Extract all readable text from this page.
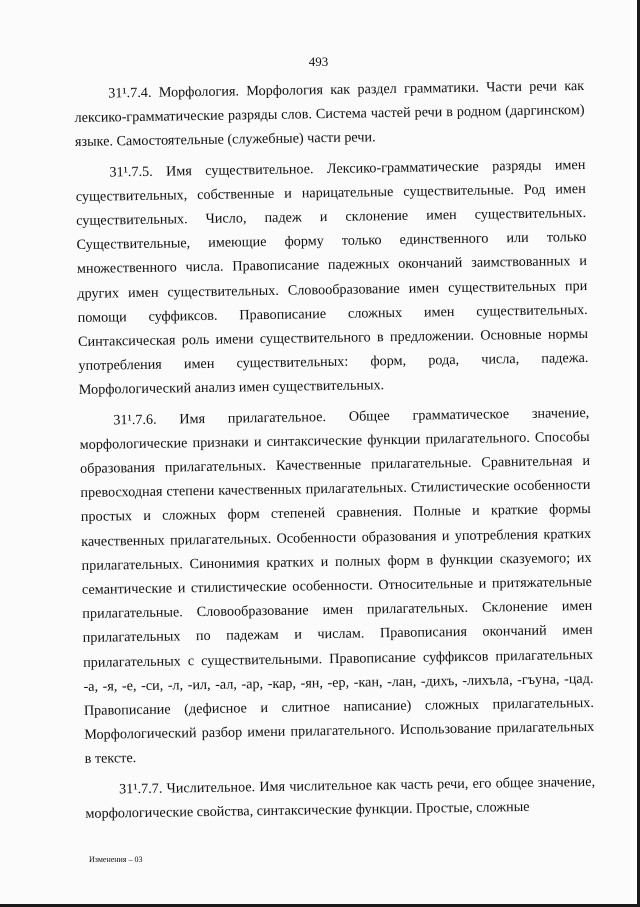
493

31¹.7.4. Морфология. Морфология как раздел грамматики. Части речи как лексико-грамматические разряды слов. Система частей речи в родном (даргинском) языке. Самостоятельные (служебные) части речи.

31¹.7.5. Имя существительное. Лексико-грамматические разряды имен существительных, собственные и нарицательные существительные. Род имен существительных. Число, падеж и склонение имен существительных. Существительные, имеющие форму только единственного или только множественного числа. Правописание падежных окончаний заимствованных и других имен существительных. Словообразование имен существительных при помощи суффиксов. Правописание сложных имен существительных. Синтаксическая роль имени существительного в предложении. Основные нормы употребления имен существительных: форм, рода, числа, падежа. Морфологический анализ имен существительных.

31¹.7.6. Имя прилагательное. Общее грамматическое значение, морфологические признаки и синтаксические функции прилагательного. Способы образования прилагательных. Качественные прилагательные. Сравнительная и превосходная степени качественных прилагательных. Стилистические особенности простых и сложных форм степеней сравнения. Полные и краткие формы качественных прилагательных. Особенности образования и употребления кратких прилагательных. Синонимия кратких и полных форм в функции сказуемого; их семантические и стилистические особенности. Относительные и притяжательные прилагательные. Словообразование имен прилагательных. Склонение имен прилагательных по падежам и числам. Правописания окончаний имен прилагательных с существительными. Правописание суффиксов прилагательных -а, -я, -е, -си, -л, -ил, -ал, -ар, -кар, -ян, -ер, -кан, -лан, -дихъ, -лихъла, -гъуна, -цад. Правописание (дефисное и слитное написание) сложных прилагательных. Морфологический разбор имени прилагательного. Использование прилагательных в тексте.

31¹.7.7. Числительное. Имя числительное как часть речи, его общее значение, морфологические свойства, синтаксические функции. Простые, сложные

Изменения – 03
